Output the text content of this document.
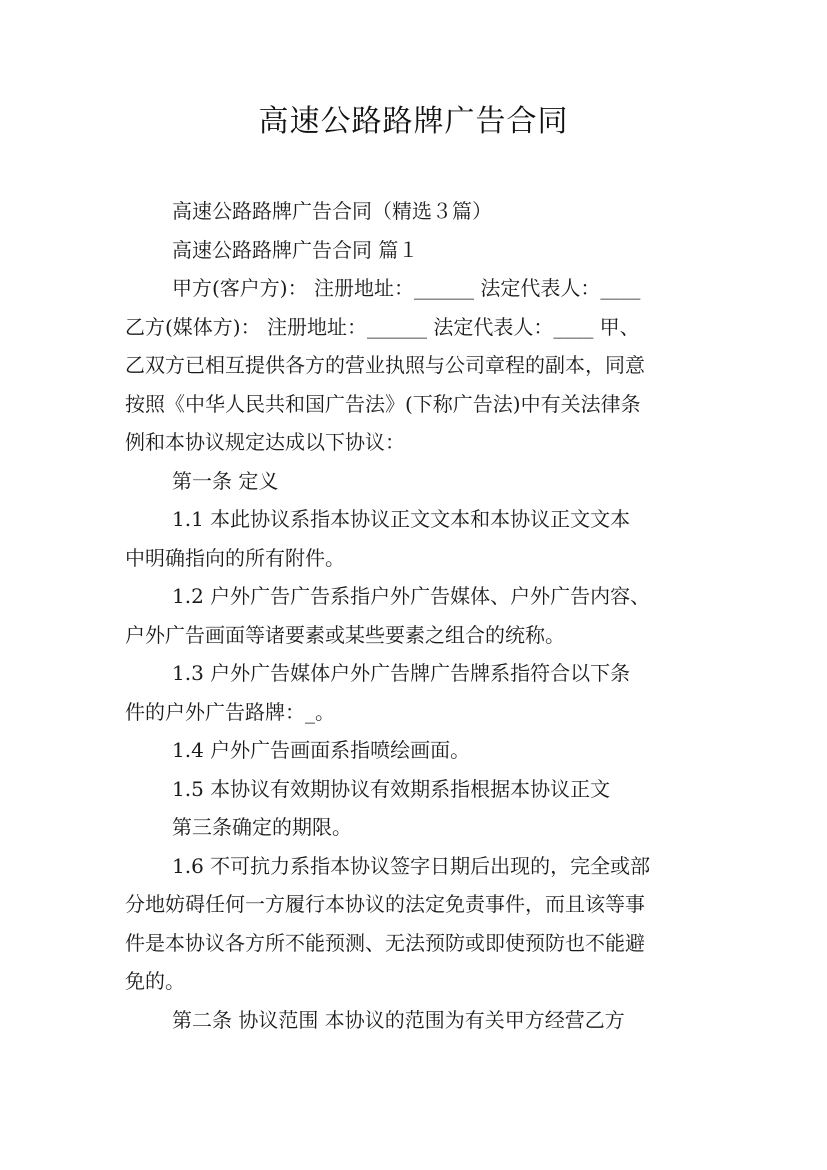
高速公路路牌广告合同
高速公路路牌广告合同（精选３篇）
高速公路路牌广告合同 篇１
甲方(客户方)： 注册地址：______ 法定代表人：____
乙方(媒体方)： 注册地址：______ 法定代表人：____ 甲、
乙双方已相互提供各方的营业执照与公司章程的副本，同意
按照《中华人民共和国广告法》(下称广告法)中有关法律条
例和本协议规定达成以下协议：
第一条 定义
1.1 本此协议系指本协议正文文本和本协议正文文本
中明确指向的所有附件。
1.2 户外广告广告系指户外广告媒体、户外广告内容、
户外广告画面等诸要素或某些要素之组合的统称。
1.3 户外广告媒体户外广告牌广告牌系指符合以下条
件的户外广告路牌：_。
1.4 户外广告画面系指喷绘画面。
1.5 本协议有效期协议有效期系指根据本协议正文
第三条确定的期限。
1.6 不可抗力系指本协议签字日期后出现的，完全或部
分地妨碍任何一方履行本协议的法定免责事件，而且该等事
件是本协议各方所不能预测、无法预防或即使预防也不能避
免的。
第二条 协议范围 本协议的范围为有关甲方经营乙方
